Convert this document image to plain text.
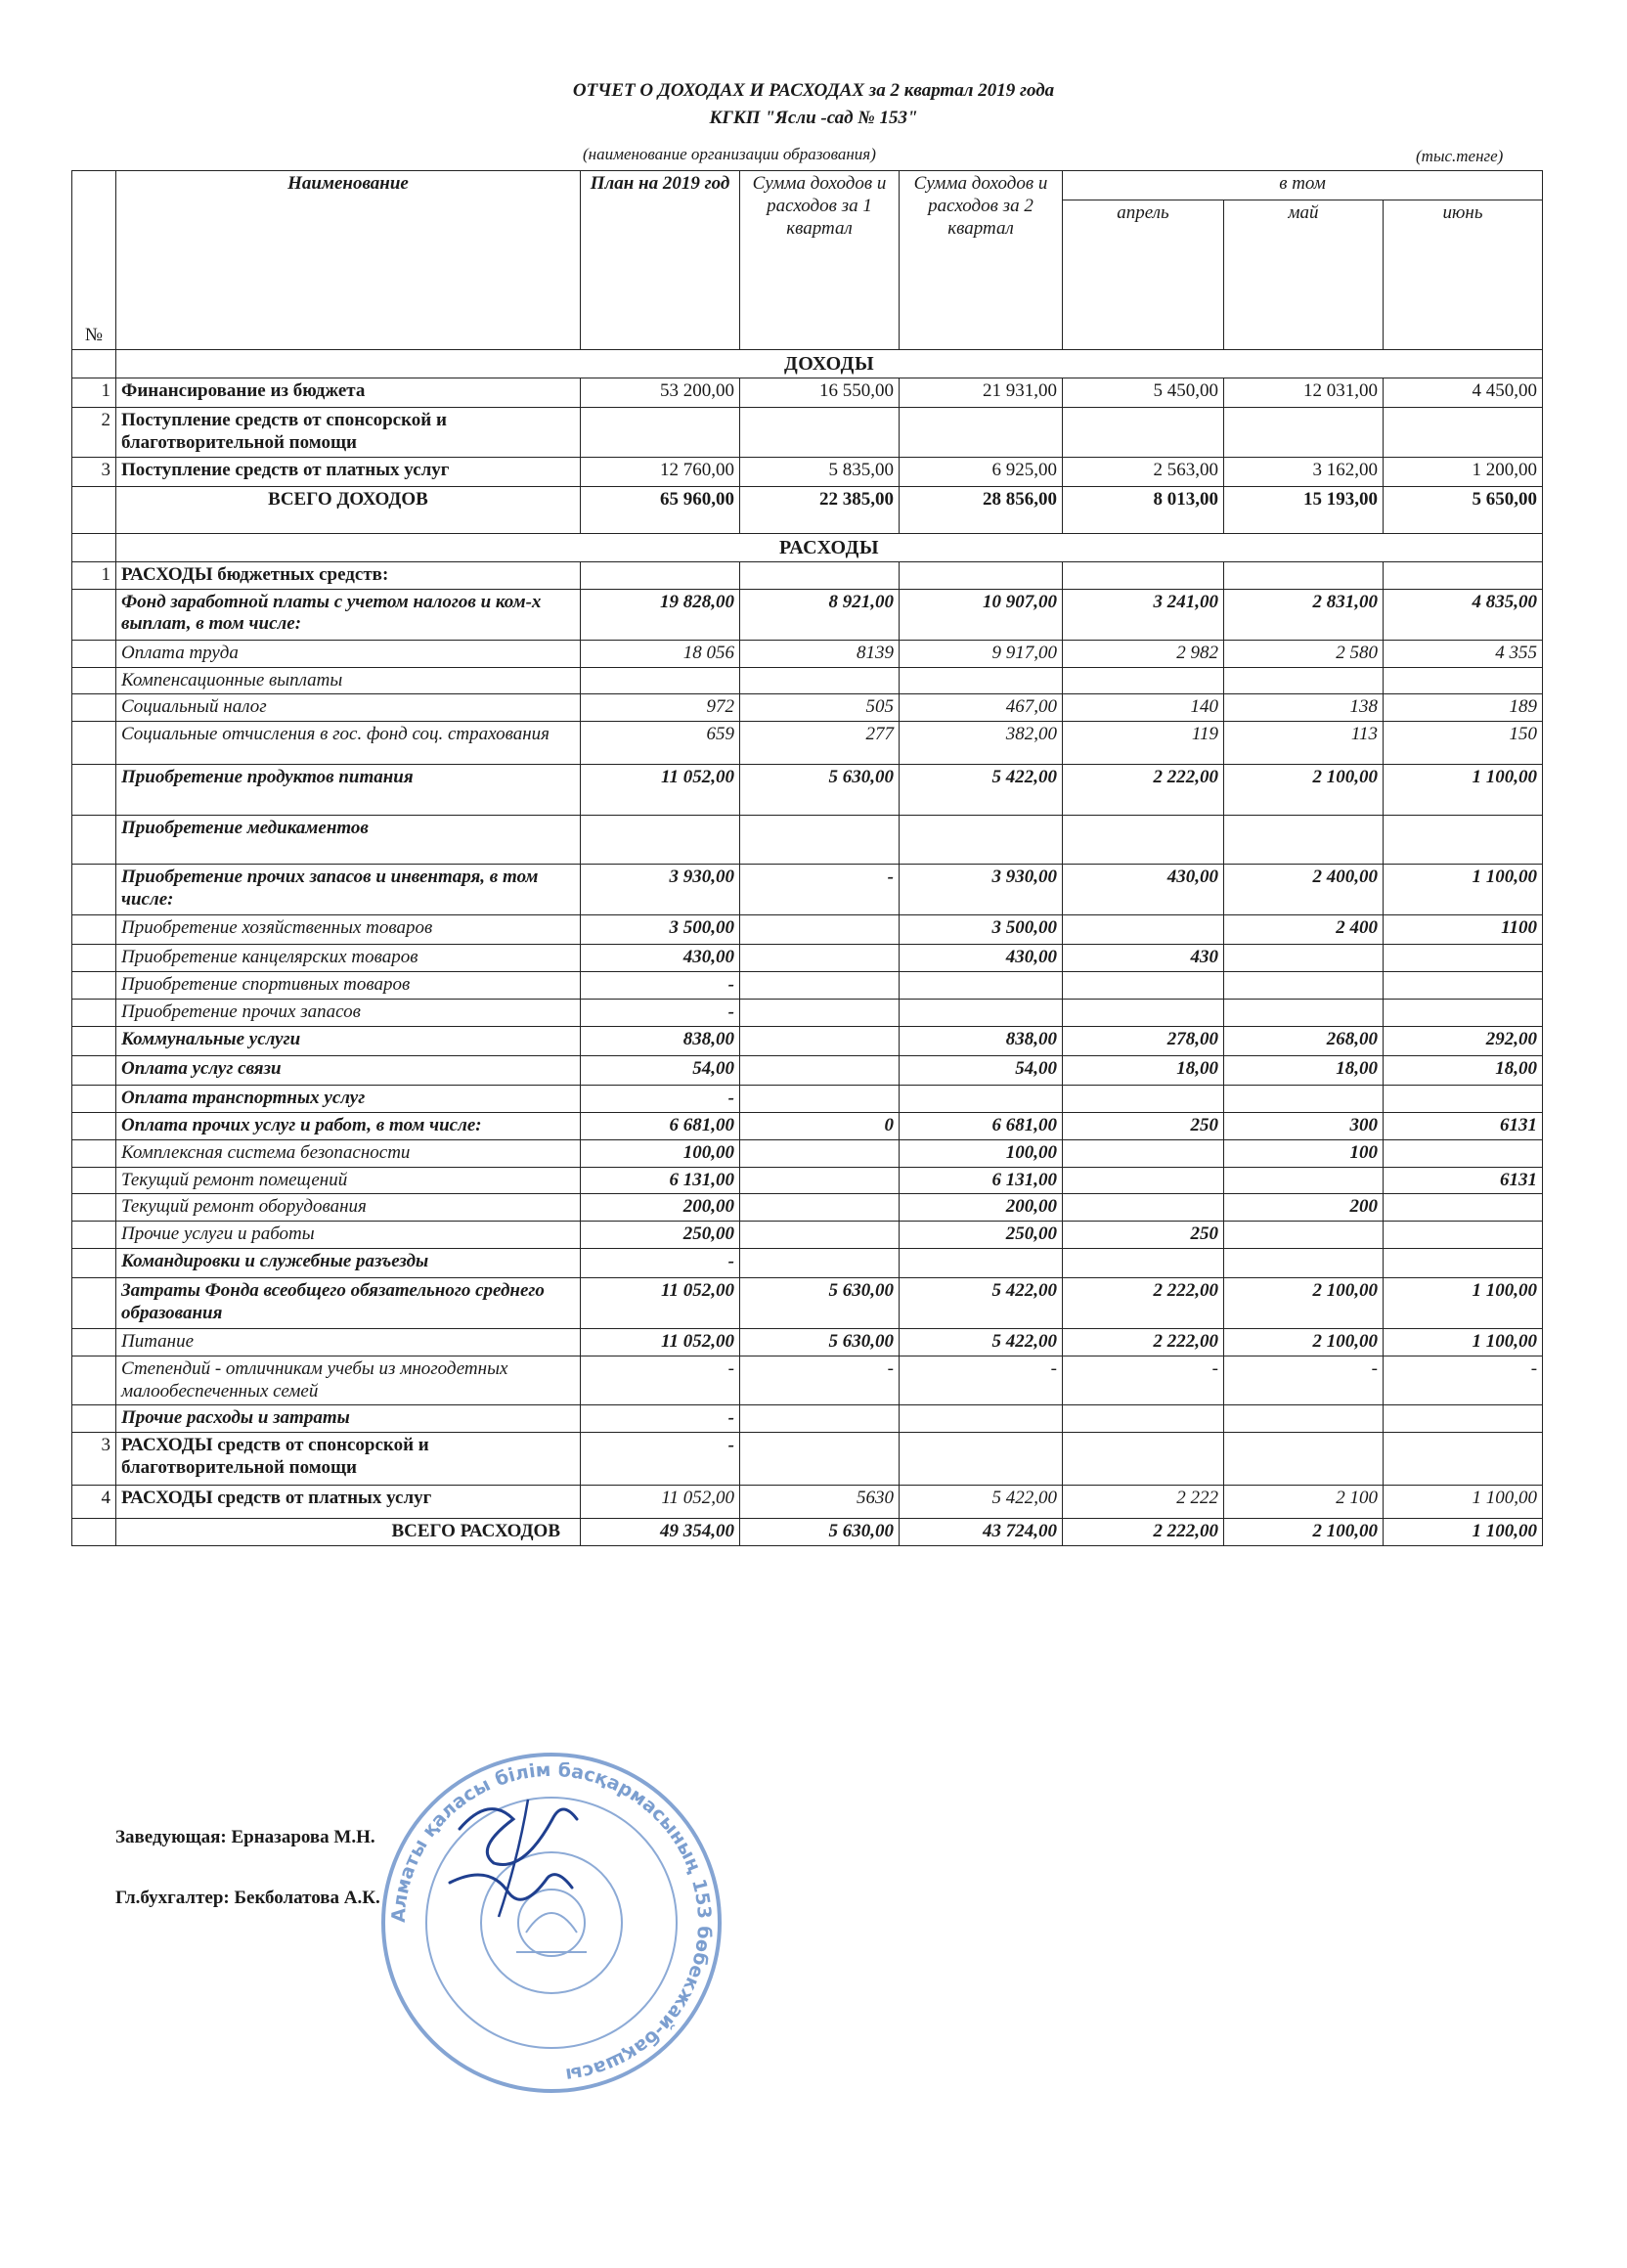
ОТЧЕТ О ДОХОДАХ И РАСХОДАХ за 2 квартал 2019 года
КГКП "Ясли -сад № 153"
(наименование организации образования)	(тыс.тенге)
№	Наименование	План на 2019 год	Сумма доходов и расходов за 1 квартал	Сумма доходов и расходов за 2 квартал	в том		
					апрель	май	июнь
	ДОХОДЫ						
1	Финансирование из бюджета	53 200,00	16 550,00	21 931,00	5 450,00	12 031,00	4 450,00
2	Поступление средств от спонсорской и благотворительной помощи						
3	Поступление средств от платных услуг	12 760,00	5 835,00	6 925,00	2 563,00	3 162,00	1 200,00
	ВСЕГО ДОХОДОВ	65 960,00	22 385,00	28 856,00	8 013,00	15 193,00	5 650,00
	РАСХОДЫ						
1	РАСХОДЫ бюджетных средств:						
	Фонд заработной платы с учетом налогов и ком-х выплат, в том числе:	19 828,00	8 921,00	10 907,00	3 241,00	2 831,00	4 835,00
	Оплата труда	18 056	8139	9 917,00	2 982	2 580	4 355
	Компенсационные выплаты						
	Социальный налог	972	505	467,00	140	138	189
	Социальные отчисления в гос. фонд соц. страхования	659	277	382,00	119	113	150
	Приобретение продуктов питания	11 052,00	5 630,00	5 422,00	2 222,00	2 100,00	1 100,00
	Приобретение медикаментов						
	Приобретение прочих запасов и инвентаря, в том числе:	3 930,00	-	3 930,00	430,00	2 400,00	1 100,00
	Приобретение хозяйственных товаров	3 500,00		3 500,00		2 400	1100
	Приобретение канцелярских товаров	430,00		430,00	430		
	Приобретение спортивных товаров	-					
	Приобретение прочих запасов	-					
	Коммунальные услуги	838,00		838,00	278,00	268,00	292,00
	Оплата услуг связи	54,00		54,00	18,00	18,00	18,00
	Оплата транспортных услуг	-					
	Оплата прочих услуг и работ, в том числе:	6 681,00	0	6 681,00	250	300	6131
	Комплексная система безопасности	100,00		100,00		100	
	Текущий ремонт помещений	6 131,00		6 131,00			6131
	Текущий ремонт оборудования	200,00		200,00		200	
	Прочие услуги и работы	250,00		250,00	250		
	Командировки и служебные разъезды	-					
	Затраты Фонда всеобщего обязательного среднего образования	11 052,00	5 630,00	5 422,00	2 222,00	2 100,00	1 100,00
	Питание	11 052,00	5 630,00	5 422,00	2 222,00	2 100,00	1 100,00
	Степендий - отличникам учебы из многодетных малообеспеченных семей	-	-	-	-	-	-
	Прочие расходы и затраты	-					
3	РАСХОДЫ средств от спонсорской и благотворительной помощи	-					
4	РАСХОДЫ средств от платных услуг	11 052,00	5630	5 422,00	2 222	2 100	1 100,00
	ВСЕГО РАСХОДОВ	49 354,00	5 630,00	43 724,00	2 222,00	2 100,00	1 100,00
Заведующая: Ерназарова М.Н.
Гл.бухгалтер: Бекболатова А.К.
Алматы қаласы білім басқармасының 153 бөбекжай-бақшасы
